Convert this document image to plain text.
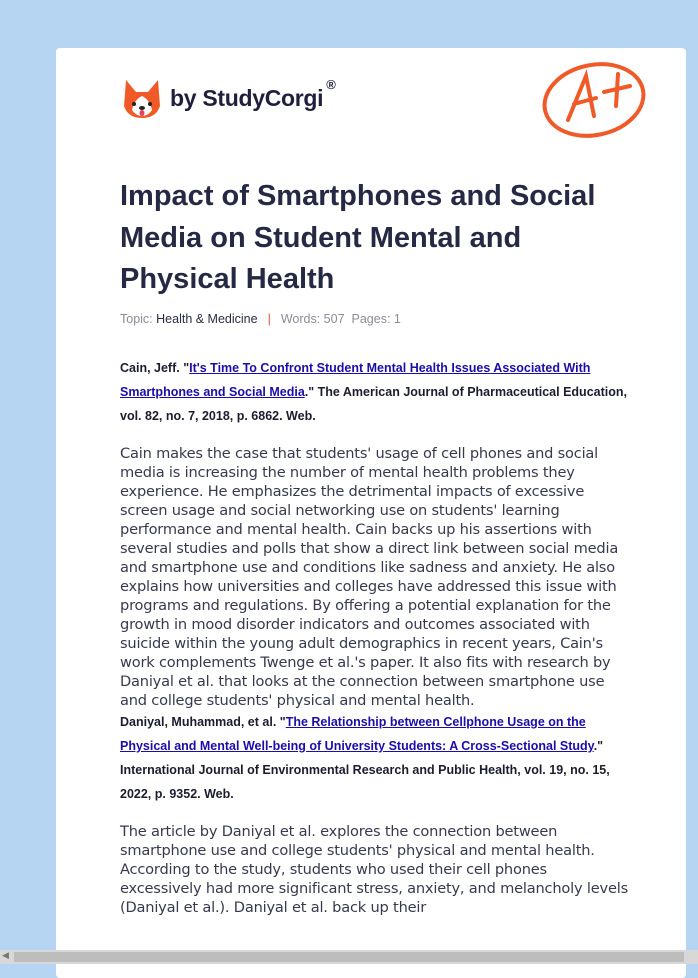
by StudyCorgi®
Impact of Smartphones and Social Media on Student Mental and Physical Health
Topic: Health & Medicine | Words: 507 Pages: 1
Cain, Jeff. "It's Time To Confront Student Mental Health Issues Associated With Smartphones and Social Media." The American Journal of Pharmaceutical Education, vol. 82, no. 7, 2018, p. 6862. Web.

Cain makes the case that students' usage of cell phones and social media is increasing the number of mental health problems they experience. He emphasizes the detrimental impacts of excessive screen usage and social networking use on students' learning performance and mental health. Cain backs up his assertions with several studies and polls that show a direct link between social media and smartphone use and conditions like sadness and anxiety. He also explains how universities and colleges have addressed this issue with programs and regulations. By offering a potential explanation for the growth in mood disorder indicators and outcomes associated with suicide within the young adult demographics in recent years, Cain's work complements Twenge et al.'s paper. It also fits with research by Daniyal et al. that looks at the connection between smartphone use and college students' physical and mental health.

Daniyal, Muhammad, et al. "The Relationship between Cellphone Usage on the Physical and Mental Well-being of University Students: A Cross-Sectional Study." International Journal of Environmental Research and Public Health, vol. 19, no. 15, 2022, p. 9352. Web.

The article by Daniyal et al. explores the connection between smartphone use and college students' physical and mental health. According to the study, students who used their cell phones excessively had more significant stress, anxiety, and melancholy levels (Daniyal et al.). Daniyal et al. back up their

◀
